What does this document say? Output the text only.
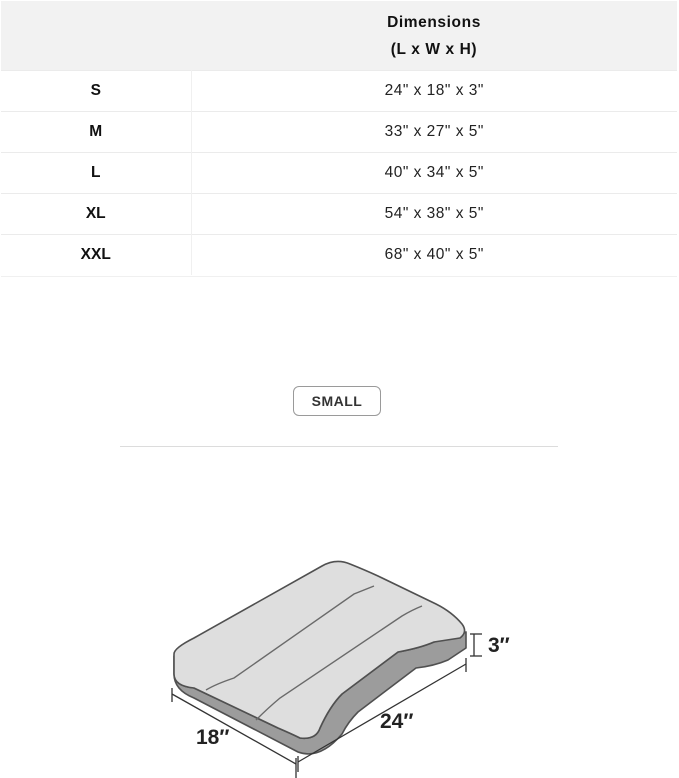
	Dimensions
(L x W x H)

S	24" x 18" x 3"
M	33" x 27" x 5"
L	40" x 34" x 5"
XL	54" x 38" x 5"
XXL	68" x 40" x 5"
SMALL
3″
24″
18″
